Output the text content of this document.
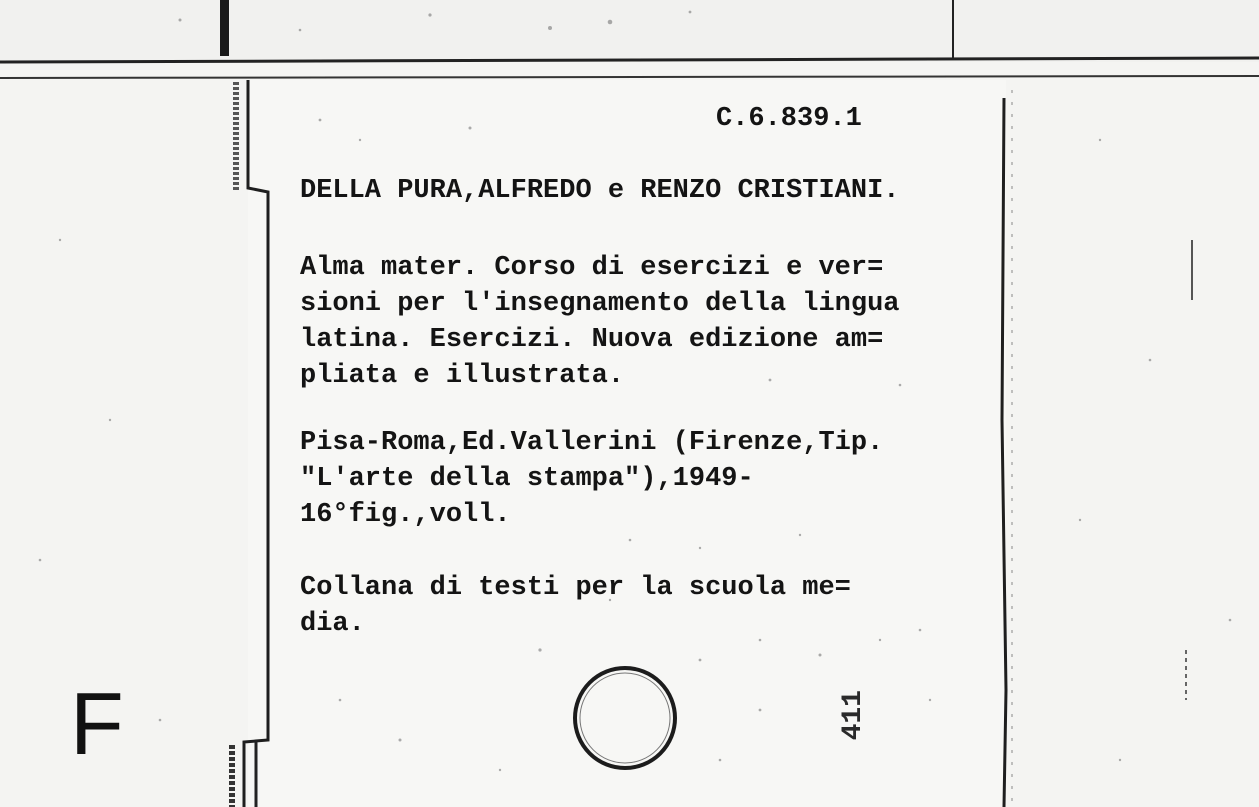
C.6.839.1
DELLA PURA,ALFREDO e RENZO CRISTIANI.
Alma mater. Corso di esercizi e ver=
sioni per l'insegnamento della lingua
latina. Esercizi. Nuova edizione am=
pliata e illustrata.
Pisa-Roma,Ed.Vallerini (Firenze,Tip.
"L'arte della stampa"),1949-
16°fig.,voll.
Collana di testi per la scuola me=
dia.
F	411
